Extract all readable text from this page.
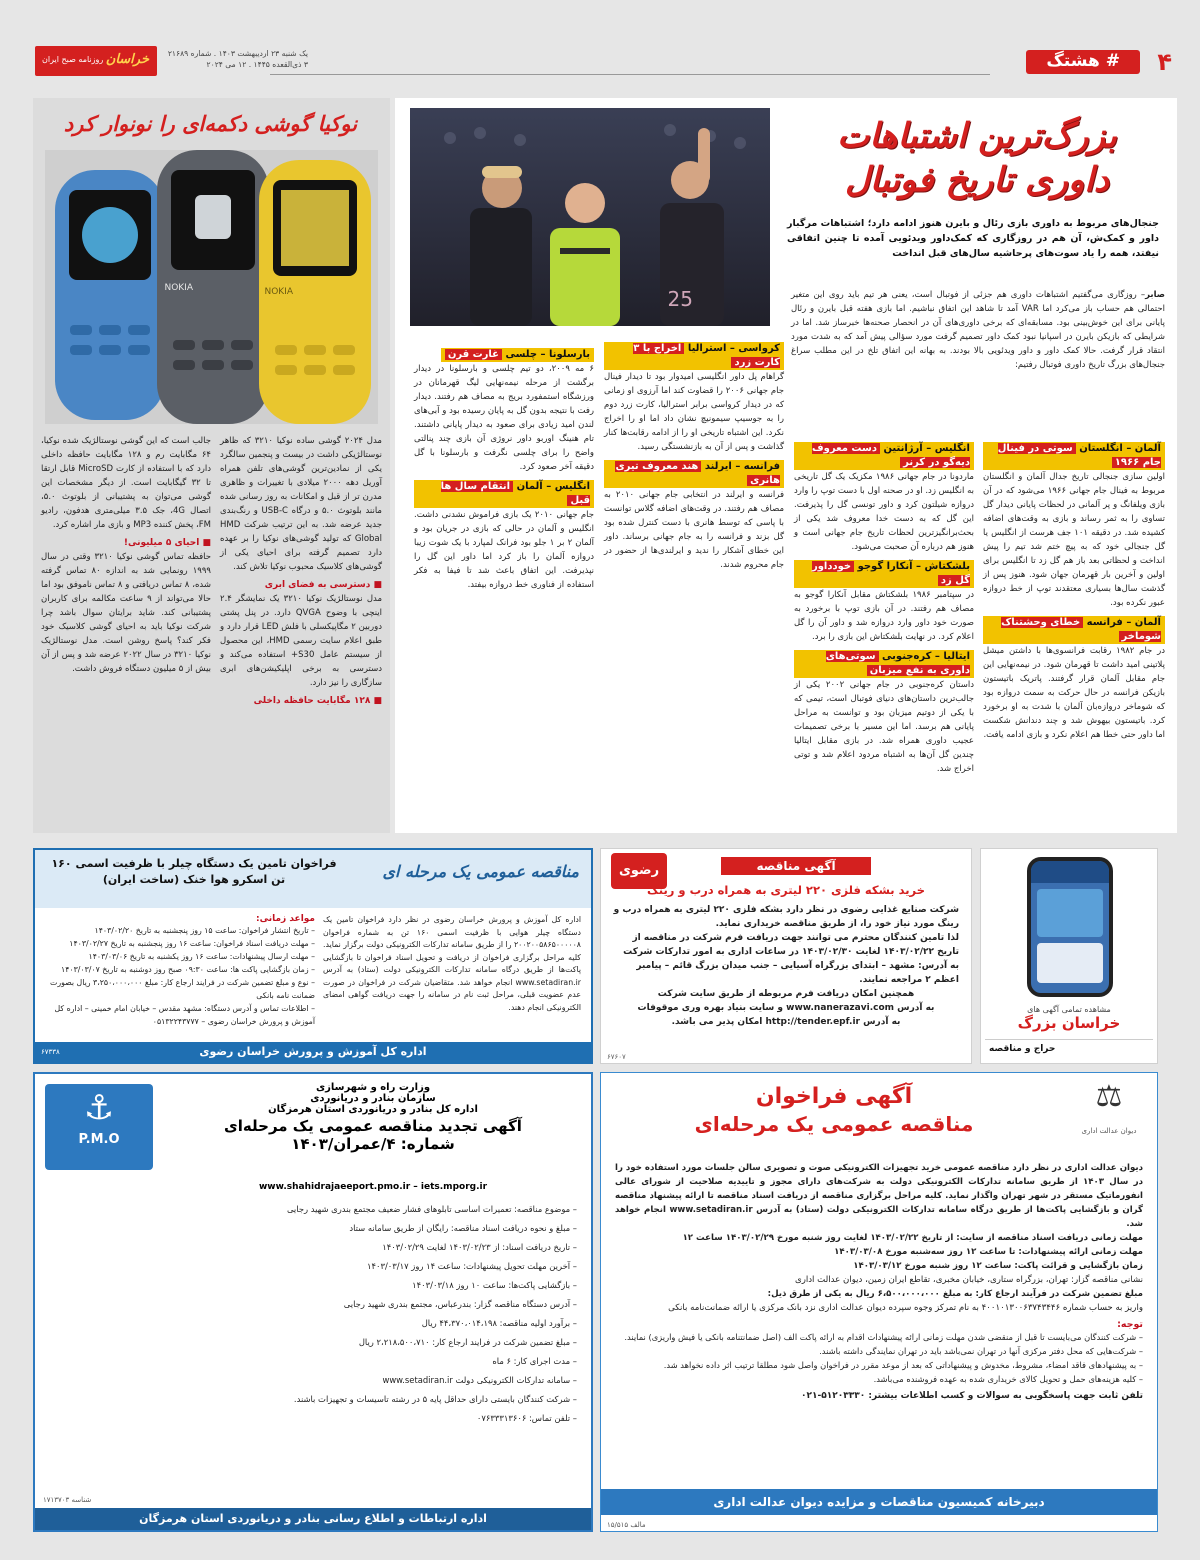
۴
# هشتگ
یک شنبه ۲۳ اردیبهشت ۱۴۰۳ . شماره ۲۱۶۸۹
۳ ذی‌القعده ۱۴۴۵ . ۱۲ می ۲۰۲۴
خراسان
روزنامه صبح ایران
بزرگ‌ترین اشتباهات
داوری تاریخ فوتبال
25
جنجال‌های مربوط به داوری بازی رئال و بایرن هنوز ادامه دارد؛ اشتباهات مرگبار داور و کمک‌ش، آن هم در روزگاری که کمک‌داور ویدئویی آمده تا چنین اتفاقی نیفتد، همه را یاد سوت‌های پرحاشیه سال‌های قبل انداخت

صابر– روزگاری می‌گفتیم اشتباهات داوری هم جزئی از فوتبال است، یعنی هر تیم باید روی این متغیر احتمالی هم حساب باز می‌کرد اما VAR آمد تا شاهد این اتفاق نباشیم. اما بازی هفته قبل بایرن و رئال پایانی برای این خوش‌بینی بود. مسابقه‌ای که برخی داوری‌های آن در انحصار صحنه‌ها خبرساز شد. اما در شرایطی که بازیکن بایرن در اسپانیا نبود کمک داور تصمیم گرفت مورد سؤالی پیش آمد که به شدت مورد انتقاد قرار گرفت. حالا کمک داور و داور ویدئویی بالا بودند. به بهانه این اتفاق تلخ در این مطلب سراغ جنجال‌های بزرگ تاریخ داوری فوتبال رفتیم:

آلمان – انگلستان سوتی در فینال جام ۱۹۶۶

اولین سازی جنجالی تاریخ جدال آلمان و انگلستان مربوط به فینال جام جهانی ۱۹۶۶ می‌شود که در آن بازی ویلفانگ و پر آلمانی در لحظات پایانی دیدار گل تساوی را به ثمر رساند و بازی به وقت‌های اضافه کشیده شد. در دقیقه ۱۰۱ جف هرست از انگلیس یا گل جنجالی خود که به پیچ ختم شد تیم را پیش انداخت و لحظاتی بعد باز هم گل زد تا انگلیس برای اولین و آخرین بار قهرمان جهان شود. هنوز پس از گذشت سال‌ها بسیاری معتقدند توپ از خط دروازه عبور نکرده بود.

آلمان – فرانسه خطای وحشتناک شوماخر

در جام ۱۹۸۲ رقابت فرانسوی‌ها با داشتن میشل پلاتینی امید داشت تا قهرمان شود. در نیمه‌نهایی این جام مقابل آلمان قرار گرفتند. پاتریک باتیستون بازیکن فرانسه در حال حرکت به سمت دروازه بود که شوماخر دروازه‌بان آلمان با شدت به او برخورد کرد. باتیستون بیهوش شد و چند دندانش شکست اما داور حتی خطا هم اعلام نکرد و بازی ادامه یافت.

انگلیس – آرژانتین دست معروف دیه‌گو در کرنر

ماردونا در جام جهانی ۱۹۸۶ مکزیک یک گل تاریخی به انگلیس زد. او در صحنه اول با دست توپ را وارد دروازه شیلتون کرد و داور تونسی گل را پذیرفت. این گل که به دست خدا معروف شد یکی از بحث‌برانگیزترین لحظات تاریخ جام جهانی است و هنوز هم درباره آن صحبت می‌شود.

بلشکتاش – آنکارا گوجو خودداور گل زد

در سپتامبر ۱۹۸۶ بلشکتاش مقابل آنکارا گوجو به مصاف هم رفتند. در آن بازی توپ با برخورد به صورت خود داور وارد دروازه شد و داور آن را گل اعلام کرد. در نهایت بلشکتاش این بازی را برد.

ایتالیا – کره‌جنوبی سوتی‌های داوری به نفع میزبان

داستان کره‌جنوبی در جام جهانی ۲۰۰۲ یکی از جالب‌ترین داستان‌های دنیای فوتبال است، تیمی که با یکی از دوتیم میزبان بود و توانست به مراحل پایانی هم برسد. اما این مسیر با برخی تصمیمات عجیب داوری همراه شد. در بازی مقابل ایتالیا چندین گل آن‌ها به اشتباه مردود اعلام شد و توتی اخراج شد.

کرواسی – استرالیا اخراج با ۳ کارت زرد

گراهام پل داور انگلیسی امیدوار بود تا دیدار فینال جام جهانی ۲۰۰۶ را قضاوت کند اما آرزوی او زمانی که در دیدار کرواسی برابر استرالیا، کارت زرد دوم را به جوسیپ سیمونیچ نشان داد اما او را اخراج نکرد. این اشتباه تاریخی او را از ادامه رقابت‌ها کنار گذاشت و پس از آن به بازنشستگی رسید.

فرانسه – ایرلند هند معروف تیری هانری

فرانسه و ایرلند در انتخابی جام جهانی ۲۰۱۰ به مصاف هم رفتند. در وقت‌های اضافه گلاس توانست با پاسی که توسط هانری با دست کنترل شده بود گل بزند و فرانسه را به جام جهانی برساند. داور این خطای آشکار را ندید و ایرلندی‌ها از حضور در جام محروم شدند.

بارسلونا – چلسی غارت قرن

۶ مه ۲۰۰۹، دو تیم چلسی و بارسلونا در دیدار برگشت از مرحله نیمه‌نهایی لیگ قهرمانان در ورزشگاه استمفورد بریج به مصاف هم رفتند. دیدار رفت با نتیجه بدون گل به پایان رسیده بود و آبی‌های لندن امید زیادی برای صعود به دیدار پایانی داشتند. تام هنینگ اوربو داور نروژی آن بازی چند پنالتی واضح را برای چلسی نگرفت و بارسلونا با گل دقیقه آخر صعود کرد.

انگلیس – آلمان انتقام سال ها قبل

جام جهانی ۲۰۱۰ یک بازی فراموش نشدنی داشت. انگلیس و آلمان در حالی که بازی در جریان بود و آلمان ۲ بر ۱ جلو بود فرانک لمپارد با یک شوت زیبا دروازه آلمان را باز کرد اما داور این گل را نپذیرفت. این اتفاق باعث شد تا فیفا به فکر استفاده از فناوری خط دروازه بیفتد.

نوکیا گوشی دکمه‌ای را نونوار کرد
NOKIA	NOKIA

مدل ۲۰۲۴ گوشی ساده نوکیا ۳۲۱۰ که ظاهر نوستالژیکی داشت در بیست و پنجمین سالگرد یکی از نمادین‌ترین گوشی‌های تلفن همراه آوریل دهه ۲۰۰۰ میلادی با تغییرات و ظاهری مدرن تر از قبل و امکانات به روز رسانی شده مانند بلوتوث ۵.۰ و درگاه USB-C و رنگ‌بندی جدید عرضه شد. به این ترتیب شرکت HMD Global که تولید گوشی‌های نوکیا را بر عهده دارد تصمیم گرفته برای احیای یکی از گوشی‌های کلاسیک محبوب نوکیا تلاش کند.

■ دسترسی به فضای ابری

مدل نوستالژیک نوکیا ۳۲۱۰ یک نمایشگر ۲.۴ اینچی با وضوح QVGA دارد. در پنل پشتی دوربین ۲ مگاپیکسلی با فلش LED قرار دارد و طبق اعلام سایت رسمی HMD، این محصول از سیستم عامل S30+ استفاده می‌کند و دسترسی به برخی اپلیکیشن‌های ابری سازگاری را نیز دارد.

■ ۱۲۸ مگابایت حافظه داخلی

جالب است که این گوشی نوستالژیک شده نوکیا، ۶۴ مگابایت رم و ۱۲۸ مگابایت حافظه داخلی دارد که با استفاده از کارت MicroSD قابل ارتقا تا ۳۲ گیگابایت است. از دیگر مشخصات این گوشی می‌توان به پشتیبانی از بلوتوث ۵.۰، اتصال 4G، جک ۳.۵ میلی‌متری هدفون، رادیو FM، پخش کننده MP3 و بازی مار اشاره کرد.

■ احیای ۵ میلیونی!

حافظه تماس گوشی نوکیا ۳۲۱۰ وقتی در سال ۱۹۹۹ رونمایی شد به اندازه ۸۰ تماس گرفته شده، ۸ تماس دریافتی و ۸ تماس ناموفق بود اما حالا می‌تواند از ۹ ساعت مکالمه برای کاربران پشتیبانی کند. شاید برایتان سوال باشد چرا شرکت نوکیا باید به احیای گوشی کلاسیک خود فکر کند؟ پاسخ روشن است. مدل نوستالژیک نوکیا ۳۲۱۰ در سال ۲۰۲۲ عرضه شد و پس از آن بیش از ۵ میلیون دستگاه فروش داشت.

مشاهده تمامی آگهی های
خراسان بزرگ
حراج و مناقصه
رضوی	آگهی مناقصه
خرید بشکه فلزی ۲۲۰ لیتری به همراه درب و رینگ

شرکت صنایع غذایی رضوی در نظر دارد بشکه فلزی ۲۲۰ لیتری به همراه درب و رینگ مورد نیاز خود را، از طریق مناقصه خریداری نماید.

لذا تامین کنندگان محترم می توانند جهت دریافت فرم شرکت در مناقصه از تاریخ ۱۴۰۳/۰۲/۲۲ لغایت ۱۴۰۳/۰۲/۳۰ در ساعات اداری به امور تدارکات شرکت به آدرس: مشهد – ابتدای بزرگراه آسیایی – جنب میدان بزرگ قائم – پیامبر اعظم ۲ مراجعه نمایند.

همچنین امکان دریافت فرم مربوطه از طریق سایت شرکت

به آدرس www.nanerazavi.com و سایت بنیاد بهره وری موقوفات

به آدرس http://tender.epf.ir امکان پذیر می باشد.

۶۷۶۰۷
مناقصه عمومی یک مرحله ای
فراخوان تامین یک دستگاه چیلر با ظرفیت اسمی ۱۶۰ تن اسکرو هوا خنک (ساخت ایران)
اداره کل آموزش و پرورش خراسان رضوی در نظر دارد فراخوان تامین یک دستگاه چیلر هوایی با ظرفیت اسمی ۱۶۰ تن به شماره فراخوان ۲۰۰۲۰۰۵۸۶۵۰۰۰۰۰۸ را از طریق سامانه تدارکات الکترونیکی دولت برگزار نماید. کلیه مراحل برگزاری فراخوان از دریافت و تحویل اسناد فراخوان تا بازگشایی پاکت‌ها از طریق درگاه سامانه تدارکات الکترونیکی دولت (ستاد) به آدرس www.setadiran.ir انجام خواهد شد. متقاضیان شرکت در فراخوان در صورت عدم عضویت قبلی، مراحل ثبت نام در سامانه را جهت دریافت گواهی امضای الکترونیکی انجام دهند.
مواعد زمانی:

– تاریخ انتشار فراخوان: ساعت ۱۵ روز پنجشنبه به تاریخ ۱۴۰۳/۰۲/۲۰

– مهلت دریافت اسناد فراخوان: ساعت ۱۶ روز پنجشنبه به تاریخ ۱۴۰۳/۰۲/۲۷

– مهلت ارسال پیشنهادات: ساعت ۱۶ روز یکشنبه به تاریخ ۱۴۰۳/۰۳/۰۶

– زمان بازگشایی پاکت ها: ساعت ۰۹:۳۰ صبح روز دوشنبه به تاریخ ۱۴۰۳/۰۳/۰۷

– نوع و مبلغ تضمین شرکت در فرایند ارجاع کار: مبلغ ۳،۲۵۰،۰۰۰،۰۰۰ ریال بصورت ضمانت نامه بانکی

– اطلاعات تماس و آدرس دستگاه: مشهد مقدس – خیابان امام خمینی – اداره کل آموزش و پرورش خراسان رضوی – ۰۵۱۳۲۲۴۳۷۷۷

اداره کل آموزش و پرورش خراسان رضوی
۶۷۳۳۸
⚖
دیوان عدالت اداری
آگهی فراخوان
مناقصه عمومی یک مرحله‌ای

دیوان عدالت اداری در نظر دارد مناقصه عمومی خرید تجهیزات الکترونیکی صوت و تصویری سالن جلسات مورد استفاده خود را در سال ۱۴۰۳ از طریق سامانه تدارکات الکترونیکی دولت به شرکت‌های دارای مجوز و تاییدیه صلاحیت از شورای عالی انفورماتیک مستقر در شهر تهران واگذار نماید. کلیه مراحل برگزاری مناقصه از دریافت اسناد مناقصه تا ارائه پیشنهاد مناقصه گران و بازگشایی پاکت‌ها از طریق درگاه سامانه تدارکات الکترونیکی دولت (ستاد) به آدرس www.setadiran.ir انجام خواهد شد.

مهلت زمانی دریافت اسناد مناقصه از سایت: از تاریخ ۱۴۰۳/۰۲/۲۲ لغایت روز شنبه مورخ ۱۴۰۳/۰۲/۲۹ ساعت ۱۲

مهلت زمانی ارائه پیشنهادات: تا ساعت ۱۲ روز سه‌شنبه مورخ ۱۴۰۳/۰۳/۰۸

زمان بازگشایی و قرائت پاکت: ساعت ۱۲ روز شنبه مورخ ۱۴۰۳/۰۳/۱۲

نشانی مناقصه گزار: تهران، بزرگراه ستاری، خیابان مخبری، تقاطع ایران زمین، دیوان عدالت اداری

مبلغ تضمین شرکت در فرآیند ارجاع کار: به مبلغ ۶،۵۰۰،۰۰۰،۰۰۰ ریال به یکی از طرق ذیل:

واریز به حساب شماره ۴۰۰۱۰۱۳۰۰۶۳۷۴۳۴۴۶ به نام تمرکز وجوه سپرده دیوان عدالت اداری نزد بانک مرکزی یا ارائه ضمانت‌نامه بانکی

توجه:

– شرکت کنندگان می‌بایست تا قبل از منقضی شدن مهلت زمانی ارائه پیشنهادات اقدام به ارائه پاکت الف (اصل ضمانتنامه بانکی یا فیش واریزی) نمایند.

– شرکت‌هایی که محل دفتر مرکزی آنها در تهران نمی‌باشد باید در تهران نمایندگی داشته باشند.

– به پیشنهادهای فاقد امضاء، مشروط، مخدوش و پیشنهاداتی که بعد از موعد مقرر در فراخوان واصل شود مطلقا ترتیب اثر داده نخواهد شد.

– کلیه هزینه‌های حمل و تحویل کالای خریداری شده به عهده فروشنده می‌باشد.

تلفن ثابت جهت پاسخگویی به سوالات و کسب اطلاعات بیشتر: ۵۱۲۰۳۳۳۰-۰۲۱

دبیرخانه کمیسیون مناقصات و مزایده دیوان عدالت اداری
مالف ۱۵/۵۱۵
⚓
P.M.O
وزارت راه و شهرسازی
سازمان بنادر و دریانوردی
اداره کل بنادر و دریانوردی استان هرمزگان
آگهی تجدید مناقصه عمومی یک مرحله‌ای
شماره: ۴/عمران/۱۴۰۳
www.shahidrajaeeport.pmo.ir – iets.mporg.ir

– موضوع مناقصه: تعمیرات اساسی تابلوهای فشار ضعیف مجتمع بندری شهید رجایی

– مبلغ و نحوه دریافت اسناد مناقصه: رایگان از طریق سامانه ستاد

– تاریخ دریافت اسناد: از ۱۴۰۳/۰۲/۲۳ لغایت ۱۴۰۳/۰۲/۲۹

– آخرین مهلت تحویل پیشنهادات: ساعت ۱۴ روز ۱۴۰۳/۰۳/۱۷

– بازگشایی پاکت‌ها: ساعت ۱۰ روز ۱۴۰۳/۰۳/۱۸

– آدرس دستگاه مناقصه گزار: بندرعباس، مجتمع بندری شهید رجایی

– برآورد اولیه مناقصه: ۴۴،۳۷۰،۰۱۴،۱۹۸ ریال

– مبلغ تضمین شرکت در فرایند ارجاع کار: ۲،۲۱۸،۵۰۰،۷۱۰ ریال

– مدت اجرای کار: ۶ ماه

– سامانه تدارکات الکترونیکی دولت www.setadiran.ir

– شرکت کنندگان بایستی دارای حداقل پایه ۵ در رشته تاسیسات و تجهیزات باشند.

– تلفن تماس: ۰۷۶۳۳۳۱۳۶۰۶

اداره ارتباطات و اطلاع رسانی بنادر و دریانوردی استان هرمزگان
شناسه ۱۷۱۳۷۰۳
